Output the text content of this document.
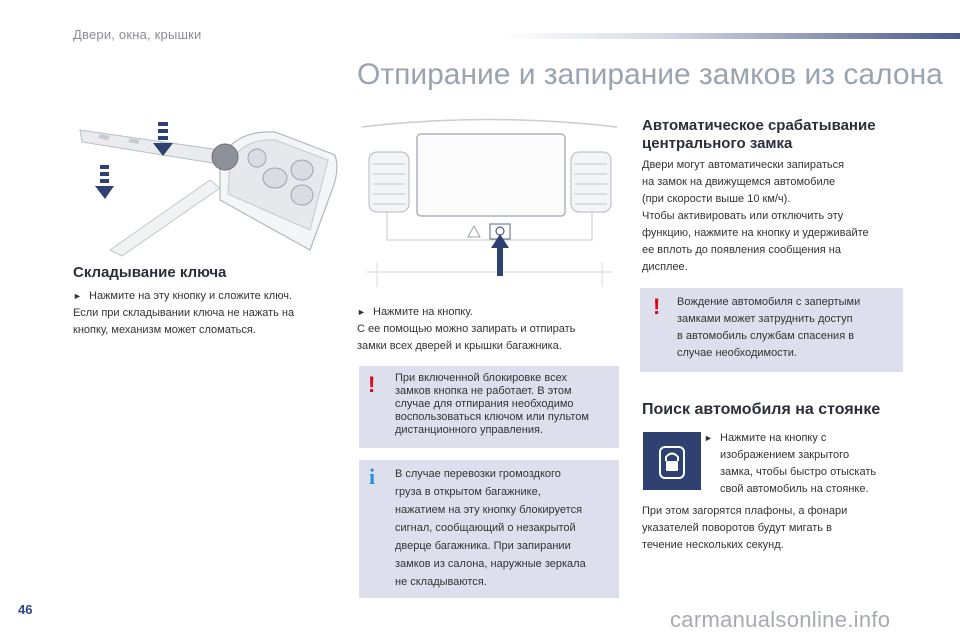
Двери, окна, крышки
Отпирание и запирание замков из салона
Складывание ключа
► Нажмите на эту кнопку и сложите ключ.
Если при складывании ключа не нажать на
кнопку, механизм может сломаться.
► Нажмите на кнопку.
С ее помощью можно запирать и отпирать
замки всех дверей и крышки багажника.
! При включенной блокировке всех
замков кнопка не работает. В этом
случае для отпирания необходимо
воспользоваться ключом или пультом
дистанционного управления.
i В случае перевозки громоздкого
груза в открытом багажнике,
нажатием на эту кнопку блокируется
сигнал, сообщающий о незакрытой
дверце багажника. При запирании
замков из салона, наружные зеркала
не складываются.
Автоматическое срабатывание
центрального замка
Двери могут автоматически запираться
на замок на движущемся автомобиле
(при скорости выше 10 км/ч).
Чтобы активировать или отключить эту
функцию, нажмите на кнопку и удерживайте
ее вплоть до появления сообщения на
дисплее.
! Вождение автомобиля с запертыми
замками может затруднить доступ
в автомобиль службам спасения в
случае необходимости.
Поиск автомобиля на стоянке
► Нажмите на кнопку с
изображением закрытого
замка, чтобы быстро отыскать
свой автомобиль на стоянке.
При этом загорятся плафоны, а фонари
указателей поворотов будут мигать в
течение нескольких секунд.
46	carmanualsonline.info
